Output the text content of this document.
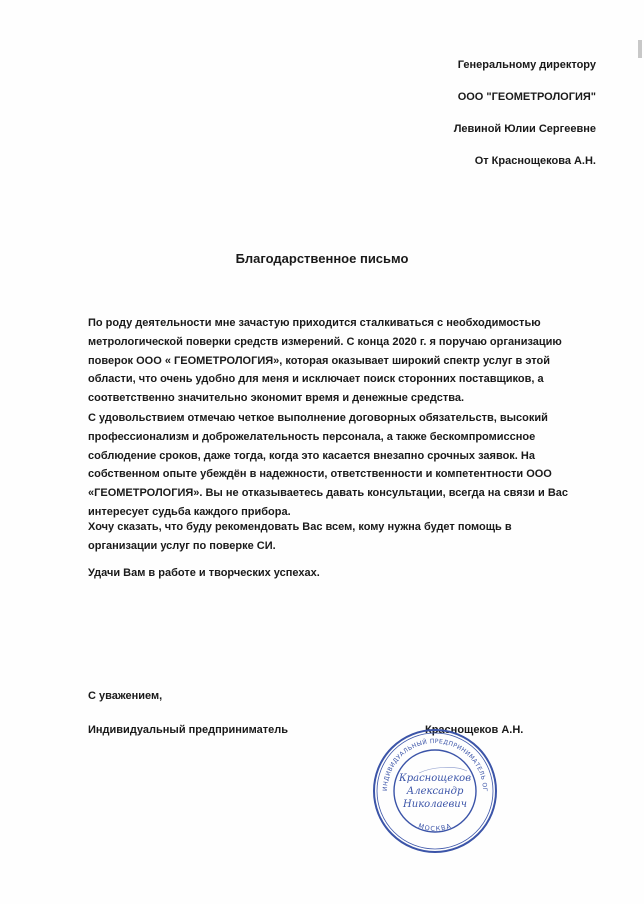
Генеральному директору
ООО "ГЕОМЕТРОЛОГИЯ"
Левиной Юлии Сергеевне
От Краснощекова А.Н.
Благодарственное письмо
По роду деятельности мне зачастую приходится сталкиваться с необходимостью метрологической поверки средств измерений. С конца 2020 г. я поручаю организацию поверок ООО « ГЕОМЕТРОЛОГИЯ», которая оказывает широкий спектр услуг в этой области, что очень удобно для меня и исключает поиск сторонних поставщиков, а соответственно значительно экономит время и денежные средства.
С удовольствием отмечаю четкое выполнение договорных обязательств, высокий профессионализм и доброжелательность персонала, а также бескомпромиссное соблюдение сроков, даже тогда, когда это касается внезапно срочных заявок. На собственном опыте убеждён в надежности, ответственности и компетентности ООО «ГЕОМЕТРОЛОГИЯ». Вы не отказываетесь давать консультации, всегда на связи и Вас интересует судьба каждого прибора.
Хочу сказать, что буду рекомендовать Вас всем, кому нужна будет помощь в организации услуг по поверке СИ.
Удачи Вам в работе и творческих успехах.
С уважением,
Индивидуальный предприниматель	Краснощеков А.Н.
ИНДИВИДУАЛЬНЫЙ ПРЕДПРИНИМАТЕЛЬ ОГ
МОСКВА
Краснощеков
Александр
Николаевич
